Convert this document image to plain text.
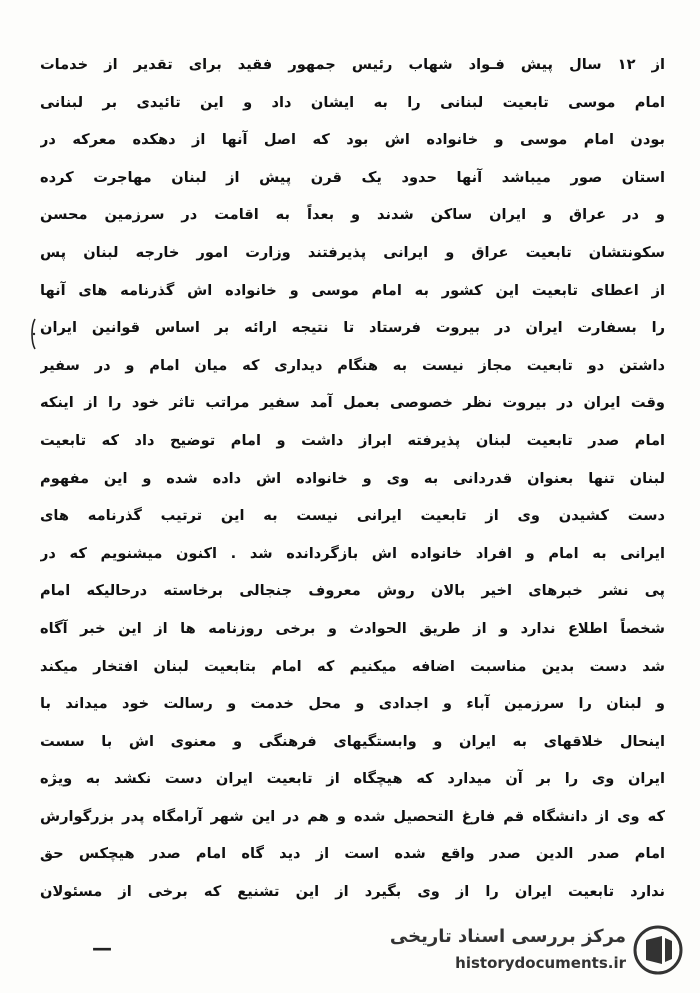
از ۱۲ سال پیش فـواد شهاب رئیس جمهور فقید برای تقدیر از خدمات
امام موسی تابعیت لبنانی را به ایشان داد و این تائیدی بر لبنانی
بودن امام موسی و خانواده اش بود که اصل آنها از دهکده معرکه در
استان صور میباشد آنها حدود یک قرن پیش از لبنان مهاجرت کرده
و در عراق و ایران ساکن شدند و بعداً به اقامت در سرزمین محسن
سکونتشان تابعیت عراق و ایرانی پذیرفتند وزارت امور خارجه لبنان پس
از اعطای تابعیت این کشور به امام موسی و خانواده اش گذرنامه های آنها
را بسفارت ایران در بیروت فرستاد تا نتیجه ارائه بر اساس قوانین ایران
داشتن دو تابعیت مجاز نیست به هنگام دیداری که میان امام و در سفیر
وقت ایران در بیروت نظر خصوصی بعمل آمد سفیر مراتب تاثر خود را از اینکه
امام صدر تابعیت لبنان پذیرفته ابراز داشت و امام توضیح داد که تابعیت
لبنان تنها بعنوان قدردانی به وی و خانواده اش داده شده و این مفهوم
دست کشیدن وی از تابعیت ایرانی نیست به این ترتیب گذرنامه های
ایرانی به امام و افراد خانواده اش بازگردانده شد . اکنون میشنویم که در
پی نشر خبرهای اخیر بالان روش معروف جنجالی برخاسته درحالیکه امام
شخصاً اطلاع ندارد و از طریق الحوادث و برخی روزنامه ها از این خبر آگاه
شد دست بدین مناسبت اضافه میکنیم که امام بتابعیت لبنان افتخار میکند
و لبنان را سرزمین آباء و اجدادی و محل خدمت و رسالت خود میداند با
اینحال خلاقهای به ایران و وابستگیهای فرهنگی و معنوی اش با سست
ایران وی را بر آن میدارد که هیچگاه از تابعیت ایران دست نکشد به ویژه
که وی از دانشگاه قم فارغ التحصیل شده و هم در این شهر آرامگاه پدر بزرگوارش
امام صدر الدین صدر واقع شده است از دید گاه امام صدر هیچکس حق
ندارد تابعیت ایران را از وی بگیرد از این تشنیع که برخی از مسئولان
—	مرکز بررسی اسناد تاریخی
historydocuments.ir
